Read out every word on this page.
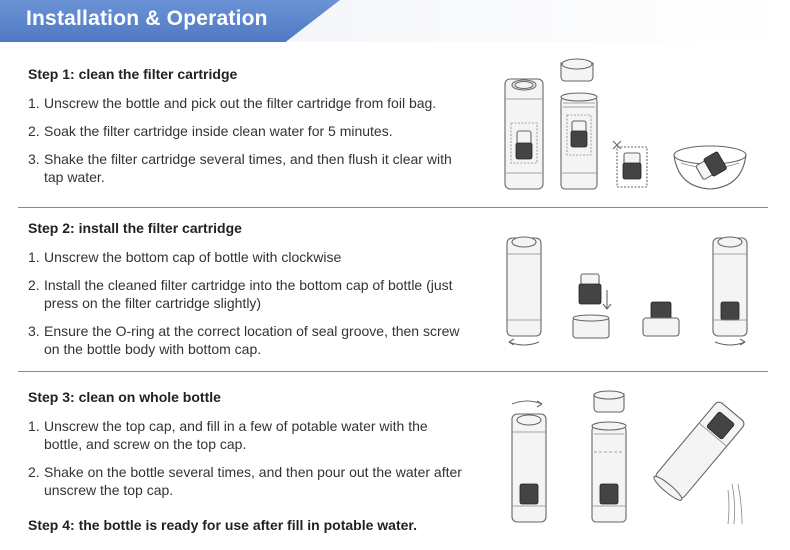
Installation & Operation
Step 1: clean the filter cartridge
1. Unscrew the bottle and pick out the filter cartridge from foil bag.
2. Soak the filter cartridge inside clean water for 5 minutes.
3. Shake the filter cartridge several times, and then flush it clear with
tap water.
Step 2: install the filter cartridge
1. Unscrew the bottom cap of bottle with clockwise
2. Install the cleaned filter cartridge into the bottom cap of bottle (just
press on the filter cartridge slightly)
3. Ensure the O-ring at the correct location of seal groove, then screw
on the bottle body with bottom cap.
Step 3: clean on whole bottle
1. Unscrew the top cap, and fill in a few of potable water with the
bottle, and screw on the top cap.
2. Shake on the bottle several times, and then pour out the water after
unscrew the top cap.
Step 4: the bottle is ready for use after fill in potable water.
